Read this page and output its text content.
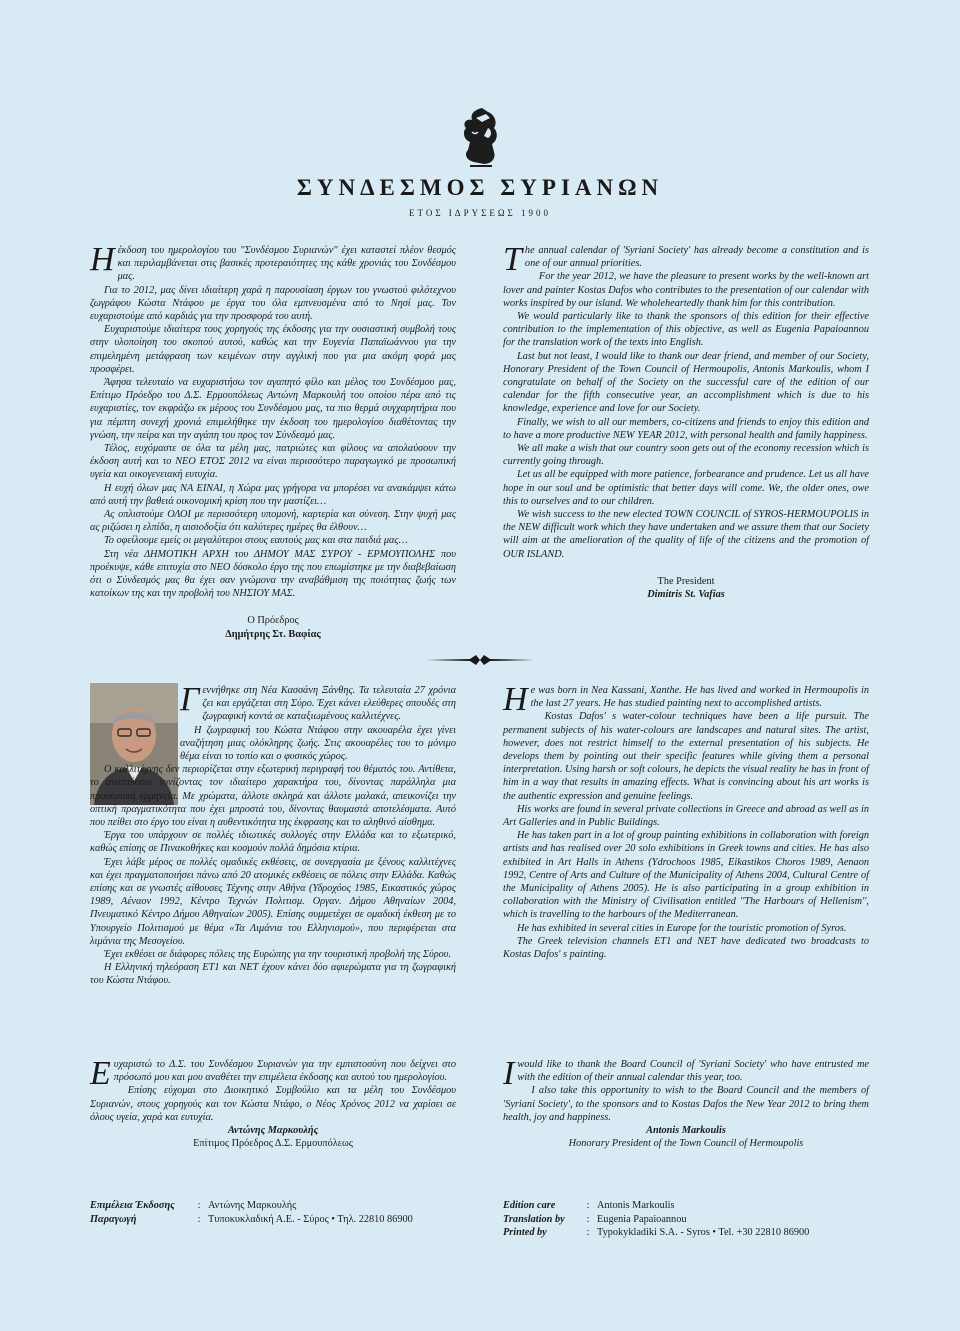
ΣΥΝΔΕΣΜΟΣ ΣΥΡΙΑΝΩΝ
ΕΤΟΣ ΙΔΡΥΣΕΩΣ 1900

Ηέκδοση του ημερολογίου του "Συνδέσμου Συριανών" έχει καταστεί πλέον θεσμός και περιλαμβάνεται στις βασικές προτεραιότητες της κάθε χρονιάς του Συνδέσμου μας.

Για το 2012, μας δίνει ιδιαίτερη χαρά η παρουσίαση έργων του γνωστού φιλότεχνου ζωγράφου Κώστα Ντάφου με έργα του όλα εμπνευσμένα από το Νησί μας. Τον ευχαριστούμε από καρδιάς για την προσφορά του αυτή.

Ευχαριστούμε ιδιαίτερα τους χορηγούς της έκδοσης για την ουσιαστική συμβολή τους στην υλοποίηση του σκοπού αυτού, καθώς και την Ευγενία Παπαϊωάννου για την επιμελημένη μετάφραση των κειμένων στην αγγλική που για μια ακόμη φορά μας προσφέρει.

Άφησα τελευταίο να ευχαριστήσω τον αγαπητό φίλο και μέλος του Συνδέσμου μας, Επίτιμο Πρόεδρο του Δ.Σ. Ερμουπόλεως Αντώνη Μαρκουλή του οποίου πέρα από τις ευχαριστίες, τον εκφράζω εκ μέρους του Συνδέσμου μας, τα πιο θερμά συγχαρητήρια που για πέμπτη συνεχή χρονιά επιμελήθηκε την έκδοση του ημερολογίου διαθέτοντας την γνώση, την πείρα και την αγάπη του προς τον Σύνδεσμό μας.

Τέλος, ευχόμαστε σε όλα τα μέλη μας, πατριώτες και φίλους να απολαύσουν την έκδοση αυτή και το ΝΕΟ ΕΤΟΣ 2012 να είναι περισσότερο παραγωγικό με προσωπική υγεία και οικογενειακή ευτυχία.

Η ευχή όλων μας ΝΑ ΕΙΝΑΙ, η Χώρα μας γρήγορα να μπορέσει να ανακάμψει κάτω από αυτή την βαθειά οικονομική κρίση που την μαστίζει…

Ας οπλιστούμε ΟΛΟΙ με περισσότερη υπομονή, καρτερία και σύνεση. Στην ψυχή μας ας ριζώσει η ελπίδα, η αισιοδοξία ότι καλύτερες ημέρες θα έλθουν…

Το οφείλουμε εμείς οι μεγαλύτεροι στους εαυτούς μας και στα παιδιά μας…

Στη νέα ΔΗΜΟΤΙΚΗ ΑΡΧΗ του ΔΗΜΟΥ ΜΑΣ ΣΥΡΟΥ - ΕΡΜΟΥΠΟΛΗΣ που προέκυψε, κάθε επιτυχία στο ΝΕΟ δύσκολο έργο της που επωμίστηκε με την διαβεβαίωση ότι ο Σύνδεσμός μας θα έχει σαν γνώμονα την αναβάθμιση της ποιότητας ζωής των κατοίκων της και την προβολή του ΝΗΣΙΟΥ ΜΑΣ.

Ο Πρόεδρος
Δημήτρης Στ. Βαφίας

The annual calendar of 'Syriani Society' has already become a constitution and is one of our annual priorities.

For the year 2012, we have the pleasure to present works by the well-known art lover and painter Kostas Dafos who contributes to the presentation of our calendar with works inspired by our island. We wholeheartedly thank him for this contribution.

We would particularly like to thank the sponsors of this edition for their effective contribution to the implementation of this objective, as well as Eugenia Papaioannou for the translation work of the texts into English.

Last but not least, I would like to thank our dear friend, and member of our Society, Honorary President of the Town Council of Hermoupolis, Antonis Markoulis, whom I congratulate on behalf of the Society on the successful care of the edition of our calendar for the fifth consecutive year, an accomplishment which is due to his knowledge, experience and love for our Society.

Finally, we wish to all our members, co-citizens and friends to enjoy this edition and to have a more productive NEW YEAR 2012, with personal health and family happiness.

We all make a wish that our country soon gets out of the economy recession which is currently going through.

Let us all be equipped with more patience, forbearance and prudence. Let us all have hope in our soul and be optimistic that better days will come. We, the older ones, owe this to ourselves and to our children.

We wish success to the new elected TOWN COUNCIL of SYROS-HERMOUPOLIS in the NEW difficult work which they have undertaken and we assure them that our Society will aim at the amelioration of the quality of life of the citizens and the promotion of OUR ISLAND.

The President
Dimitris St. Vafias

Γεννήθηκε στη Νέα Κασσάνη Ξάνθης. Τα τελευταία 27 χρόνια ζει και εργάζεται στη Σύρο. Έχει κάνει ελεύθερες σπουδές στη ζωγραφική κοντά σε καταξιωμένους καλλιτέχνες.

Η ζωγραφική του Κώστα Ντάφου στην ακουαρέλα έχει γίνει αναζήτηση μιας ολόκληρης ζωής. Στις ακουαρέλες του το μόνιμο θέμα είναι το τοπίο και ο φυσικός χώρος.

Ο καλλιτέχνης δεν περιορίζεται στην εξωτερική περιγραφή του θέματός του. Αντίθετα, το αναπτύσσει τονίζοντας τον ιδιαίτερο χαρακτήρα του, δίνοντας παράλληλα μια προσωπική ερμηνεία. Με χρώματα, άλλοτε σκληρά και άλλοτε μαλακά, απεικονίζει την οπτική πραγματικότητα που έχει μπροστά του, δίνοντας θαυμαστά αποτελέσματα. Αυτό που πείθει στο έργο του είναι η αυθεντικότητα της έκφρασης και το αληθινό αίσθημα.

Έργα του υπάρχουν σε πολλές ιδιωτικές συλλογές στην Ελλάδα και το εξωτερικό, καθώς επίσης σε Πινακοθήκες και κοσμούν πολλά δημόσια κτίρια.

Έχει λάβε μέρος σε πολλές ομαδικές εκθέσεις, σε συνεργασία με ξένους καλλιτέχνες και έχει πραγματοποιήσει πάνω από 20 ατομικές εκθέσεις σε πόλεις στην Ελλάδα. Καθώς επίσης και σε γνωστές αίθουσες Τέχνης στην Αθήνα (Υδροχόος 1985, Εικαστικός χώρος 1989, Αέναον 1992, Κέντρο Τεχνών Πολιτισμ. Οργαν. Δήμου Αθηναίων 2004, Πνευματικό Κέντρο Δήμου Αθηναίων 2005). Επίσης συμμετέχει σε ομαδική έκθεση με το Υπουργείο Πολιτισμού με θέμα «Τα Λιμάνια του Ελληνισμού», που περιφέρεται στα λιμάνια της Μεσογείου.

Έχει εκθέσει σε διάφορες πόλεις της Ευρώπης για την τουριστική προβολή της Σύρου.

Η Ελληνική τηλεόραση ΕΤ1 και ΝΕΤ έχουν κάνει δύο αφιερώματα για τη ζωγραφική του Κώστα Ντάφου.

He was born in Nea Kassani, Xanthe. He has lived and worked in Hermoupolis in the last 27 years. He has studied painting next to accomplished artists.

Kostas Dafos' s water-colour techniques have been a life pursuit. The permanent subjects of his water-colours are landscapes and natural sites. The artist, however, does not restrict himself to the external presentation of his subjects. He develops them by pointing out their specific features while giving them a personal interpretation. Using harsh or soft colours, he depicts the visual reality he has in front of him in a way that results in amazing effects. What is convincing about his art works is the authentic expression and genuine feelings.

His works are found in several private collections in Greece and abroad as well as in Art Galleries and in Public Buildings.

He has taken part in a lot of group painting exhibitions in collaboration with foreign artists and has realised over 20 solo exhibitions in Greek towns and cities. He has also exhibited in Art Halls in Athens (Ydrochoos 1985, Eikastikos Choros 1989, Aenaon 1992, Centre of Arts and Culture of the Municipality of Athens 2004, Cultural Centre of the Municipality of Athens 2005). He is also participating in a group exhibition in collaboration with the Ministry of Civilisation entitled ''The Harbours of Hellenism'', which is travelling to the harbours of the Mediterranean.

He has exhibited in several cities in Europe for the touristic promotion of Syros.

The Greek television channels ET1 and NET have dedicated two broadcasts to Kostas Dafos' s painting.

Ευχαριστώ το Δ.Σ. του Συνδέσμου Συριανών για την εμπιστοσύνη που δείχνει στο πρόσωπό μου και μου αναθέτει την επιμέλεια έκδοσης και αυτού του ημερολογίου.

Επίσης εύχομαι στο Διοικητικό Συμβούλιο και τα μέλη του Συνδέσμου Συριανών, στους χορηγούς και τον Κώστα Ντάφο, ο Νέος Χρόνος 2012 να χαρίσει σε όλους υγεία, χαρά και ευτυχία.

Αντώνης Μαρκουλής
Επίτιμος Πρόεδρος Δ.Σ. Ερμουπόλεως

I would like to thank the Board Council of 'Syriani Society' who have entrusted me with the edition of their annual calendar this year, too.

I also take this opportunity to wish to the Board Council and the members of 'Syriani Society', to the sponsors and to Kostas Dafos the New Year 2012 to bring them health, joy and happiness.

Antonis Markoulis
Honorary President of the Town Council of Hermoupolis
Επιμέλεια Έκδοσης	: Αντώνης Μαρκουλής
Παραγωγή	: Τυποκυκλαδική Α.Ε. - Σύρος • Τηλ. 22810 86900
Edition care	: Antonis Markoulis
Translation by	: Eugenia Papaioannou
Printed by	: Typokykladiki S.A. - Syros • Tel. +30 22810 86900
